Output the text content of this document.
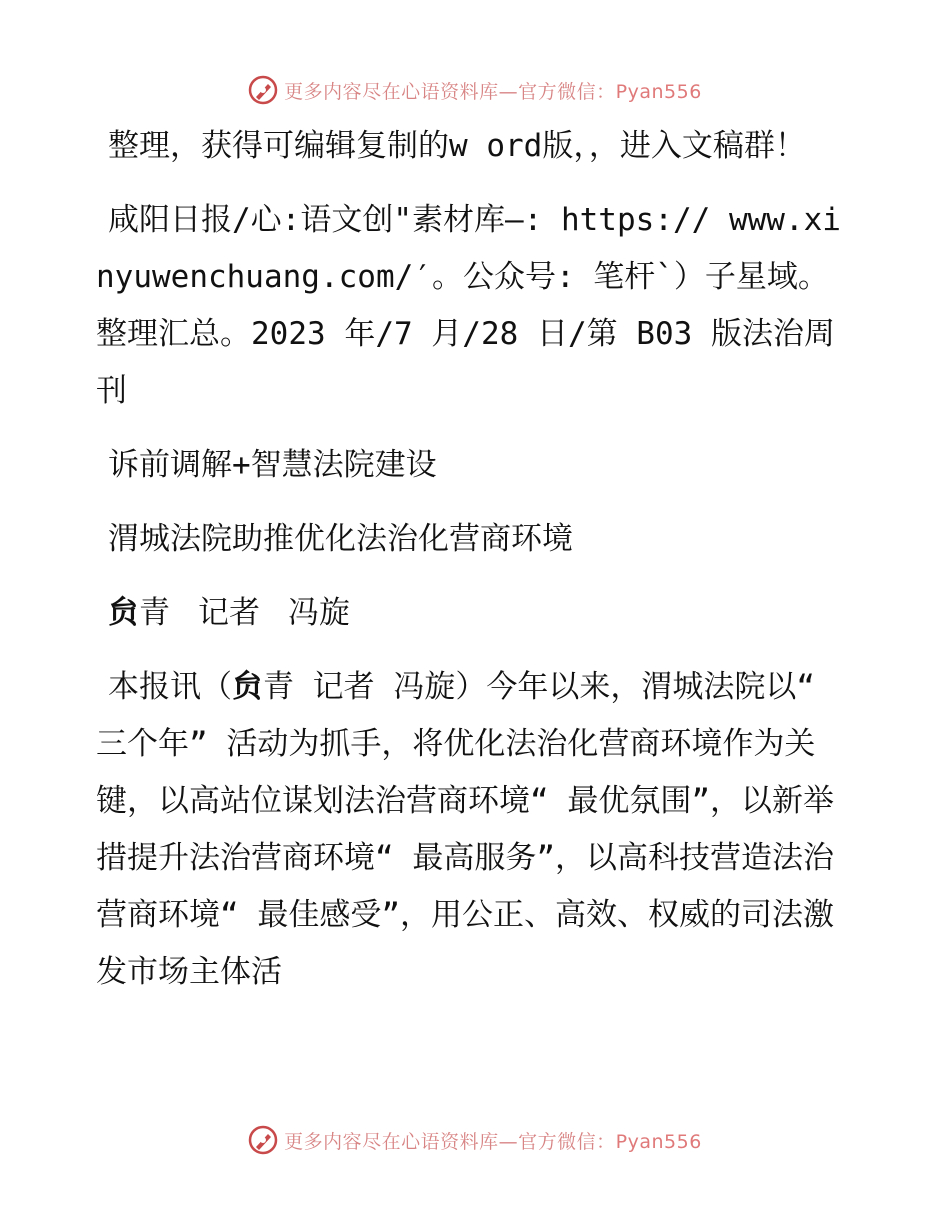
更多内容尽在心语资料库—官方微信：Pyan556

整理，获得可编辑复制的w ord版，，进入文稿群！

咸阳日报/心:语文创"素材库—: https:// www.xinyuwenchuang.com/′。公众号: 笔杆`）子星域。整理汇总。2023 年/7 月/28 日/第 B03 版法治周刊

诉前调解+智慧法院建设

渭城法院助推优化法治化营商环境

贠青 记者 冯旋

本报讯（贠青 记者 冯旋）今年以来，渭城法院以“ 三个年” 活动为抓手，将优化法治化营商环境作为关键，以高站位谋划法治营商环境“ 最优氛围”，以新举措提升法治营商环境“ 最高服务”，以高科技营造法治营商环境“ 最佳感受”，用公正、高效、权威的司法激发市场主体活

更多内容尽在心语资料库—官方微信：Pyan556
